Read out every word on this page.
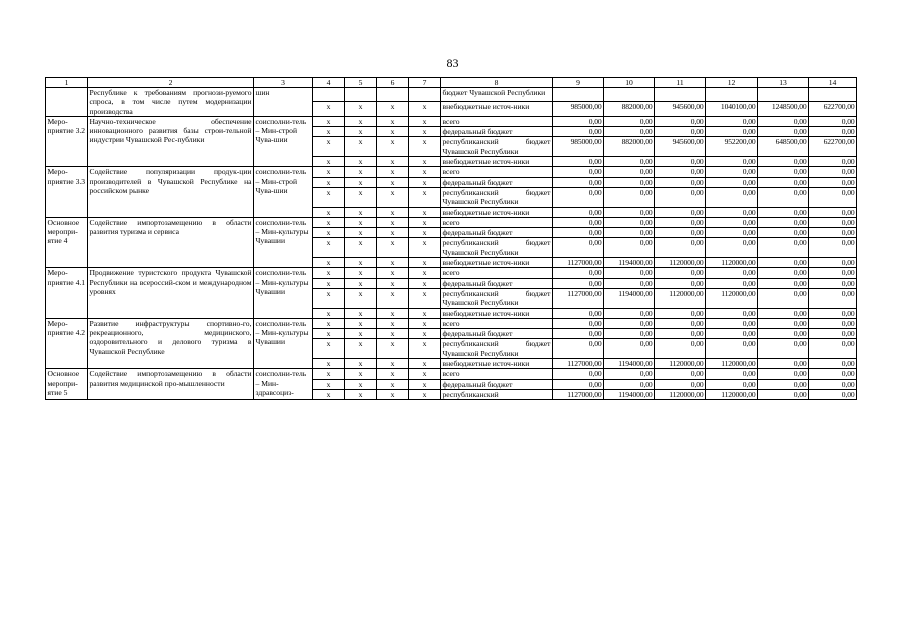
83
1	2	3	4	5	6	7	8	9	10	11	12	13	14
	Республике к требованиям прогнози-руемого спроса, в том числе путем модернизации производства	шин					бюджет Чувашской Республики						
			x	x	x	x	внебюджетные источ-ники	985000,00	882000,00	945600,00	1040100,00	1248500,00	622700,00
Меро-приятие 3.2	Научно-техническое обеспечение инновационного развития базы строи-тельной индустрии Чувашской Рес-публики	соисполни-тель – Мин-строй Чува-шии	x	x	x	x	всего	0,00	0,00	0,00	0,00	0,00	0,00
			x	x	x	x	федеральный бюджет	0,00	0,00	0,00	0,00	0,00	0,00
			x	x	x	x	республиканский бюджет Чувашской Республики	985000,00	882000,00	945600,00	952200,00	648500,00	622700,00
			x	x	x	x	внебюджетные источ-ники	0,00	0,00	0,00	0,00	0,00	0,00
Меро-приятие 3.3	Содействие популяризации продук-ции производителей в Чувашской Республике на российском рынке	соисполни-тель – Мин-строй Чува-шии	x	x	x	x	всего	0,00	0,00	0,00	0,00	0,00	0,00
			x	x	x	x	федеральный бюджет	0,00	0,00	0,00	0,00	0,00	0,00
			x	x	x	x	республиканский бюджет Чувашской Республики	0,00	0,00	0,00	0,00	0,00	0,00
			x	x	x	x	внебюджетные источ-ники	0,00	0,00	0,00	0,00	0,00	0,00
Основное меропри-ятие 4	Содействие импортозамещению в области развития туризма и сервиса	соисполни-тель – Мин-культуры Чувашии	x	x	x	x	всего	0,00	0,00	0,00	0,00	0,00	0,00
			x	x	x	x	федеральный бюджет	0,00	0,00	0,00	0,00	0,00	0,00
			x	x	x	x	республиканский бюджет Чувашской Республики	0,00	0,00	0,00	0,00	0,00	0,00
			x	x	x	x	внебюджетные источ-ники	1127000,00	1194000,00	1120000,00	1120000,00	0,00	0,00
Меро-приятие 4.1	Продвижение туристского продукта Чувашской Республики на всероссий-ском и международном уровнях	соисполни-тель – Мин-культуры Чувашии	x	x	x	x	всего	0,00	0,00	0,00	0,00	0,00	0,00
			x	x	x	x	федеральный бюджет	0,00	0,00	0,00	0,00	0,00	0,00
			x	x	x	x	республиканский бюджет Чувашской Республики	1127000,00	1194000,00	1120000,00	1120000,00	0,00	0,00
			x	x	x	x	внебюджетные источ-ники	0,00	0,00	0,00	0,00	0,00	0,00
Меро-приятие 4.2	Развитие инфраструктуры спортивно-го, рекреационного, медицинского, оздоровительного и делового туризма в Чувашской Республике	соисполни-тель – Мин-культуры Чувашии	x	x	x	x	всего	0,00	0,00	0,00	0,00	0,00	0,00
			x	x	x	x	федеральный бюджет	0,00	0,00	0,00	0,00	0,00	0,00
			x	x	x	x	республиканский бюджет Чувашской Республики	0,00	0,00	0,00	0,00	0,00	0,00
			x	x	x	x	внебюджетные источ-ники	1127000,00	1194000,00	1120000,00	1120000,00	0,00	0,00
Основное меропри-ятие 5	Содействие импортозамещению в области развития медицинской про-мышленности	соисполни-тель – Мин-здравсоциз-	x	x	x	x	всего	0,00	0,00	0,00	0,00	0,00	0,00
			x	x	x	x	федеральный бюджет	0,00	0,00	0,00	0,00	0,00	0,00
			x	x	x	x	республиканский	1127000,00	1194000,00	1120000,00	1120000,00	0,00	0,00
